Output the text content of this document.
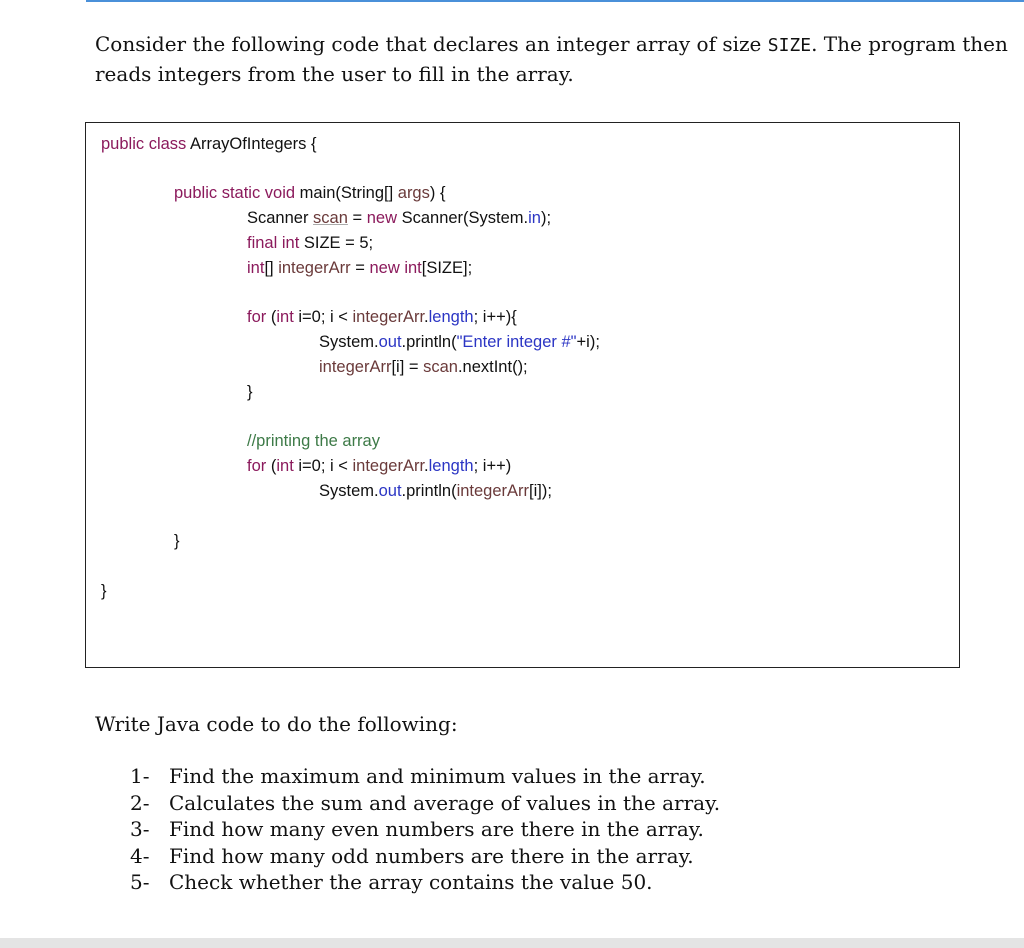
Consider the following code that declares an integer array of size SIZE. The program then reads integers from the user to fill in the array.

public class ArrayOfIntegers {
public static void main(String[] args) {
Scanner scan = new Scanner(System.in);
final int SIZE = 5;
int[] integerArr = new int[SIZE];
for (int i=0; i < integerArr.length; i++){
System.out.println("Enter integer #"+i);
integerArr[i] = scan.nextInt();
}
//printing the array
for (int i=0; i < integerArr.length; i++)
System.out.println(integerArr[i]);
}
}

Write Java code to do the following:

1- Find the maximum and minimum values in the array.
2- Calculates the sum and average of values in the array.
3- Find how many even numbers are there in the array.
4- Find how many odd numbers are there in the array.
5- Check whether the array contains the value 50.
